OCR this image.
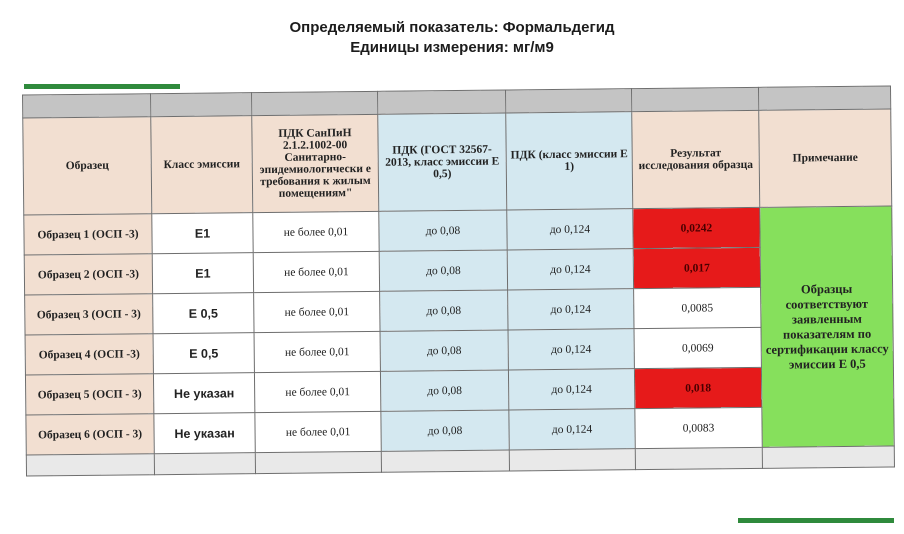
Определяемый показатель: Формальдегид
Единицы измерения: мг/м9

Образец	Класс эмиссии	ПДК СанПиН 2.1.2.1002-00 Санитарно-эпидемиологически е требования к жилым помещениям"	ПДК (ГОСТ 32567-2013, класс эмиссии Е 0,5)	ПДК (класс эмиссии Е 1)	Результат исследования образца	Примечание
Образец 1 (ОСП -3)	Е1	не более 0,01	до 0,08	до 0,124	0,0242	Образцы соответствуют заявленным показателям по сертификации классу эмиссии Е 0,5
Образец 2 (ОСП -3)	Е1	не более 0,01	до 0,08	до 0,124	0,017	
Образец 3 (ОСП - 3)	Е 0,5	не более 0,01	до 0,08	до 0,124	0,0085	
Образец 4 (ОСП -3)	Е 0,5	не более 0,01	до 0,08	до 0,124	0,0069	
Образец 5 (ОСП - 3)	Не указан	не более 0,01	до 0,08	до 0,124	0,018	
Образец 6 (ОСП - 3)	Не указан	не более 0,01	до 0,08	до 0,124	0,0083	
